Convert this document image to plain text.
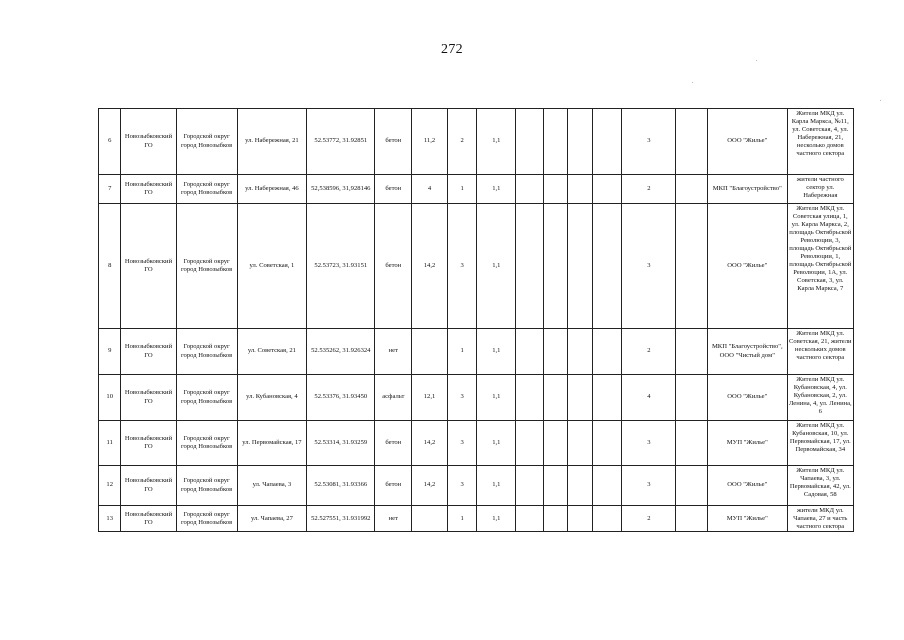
272
6	Новозыбковский ГО	Городской округ город Новозыбков	ул. Набережная, 21	52.53772, 31.92851	бетон	11,2	2	1,1					3		ООО "Жилье"	Жители МКД ул. Карла Маркса, №11, ул. Советская, 4, ул. Набережная, 21, несколько домов частного сектора
7	Новозыбковский ГО	Городской округ город Новозыбков	ул. Набережная, 46	52,538596, 31,928146	бетон	4	1	1,1					2		МКП "Благоустройство"	жители частного сектор ул. Набережная
8	Новозыбковский ГО	Городской округ город Новозыбков	ул. Советская, 1	52.53723, 31.93151	бетон	14,2	3	1,1					3		ООО "Жилье"	Жители МКД ул. Советская улица, 1, ул. Карла Маркса, 2, площадь Октябрьской Революции, 3, площадь Октябрьской Революции, 1, площадь Октябрьской Революции, 1А, ул. Советская, 3, ул. Карла Маркса, 7
9	Новозыбковский ГО	Городской округ город Новозыбков	ул. Советская, 21	52.535262, 31.926324	нет		1	1,1					2		МКП "Благоустройство", ООО "Чистый дом"	Жители МКД ул. Советская, 21, жители нескольких домов частного сектора
10	Новозыбковский ГО	Городской округ город Новозыбков	ул. Кубановская, 4	52.53376, 31.93450	асфальт	12,1	3	1,1					4		ООО "Жилье"	Жители МКД ул. Кубановская, 4, ул. Кубановская, 2, ул. Ленина, 4, ул. Ленина, 6
11	Новозыбковский ГО	Городской округ город Новозыбков	ул. Первомайская, 17	52.53314, 31.93259	бетон	14,2	3	1,1					3		МУП "Жилье"	Жители МКД ул. Кубановская, 10, ул. Первомайская, 17, ул. Первомайская, 34
12	Новозыбковский ГО	Городской округ город Новозыбков	ул. Чапаева, 3	52.53081, 31.93366	бетон	14,2	3	1,1					3		ООО "Жилье"	Жители МКД ул. Чапаева, 3, ул. Первомайская, 42, ул. Садовая, 58
13	Новозыбковский ГО	Городской округ город Новозыбков	ул. Чапаева, 27	52.527551, 31.931992	нет		1	1,1					2		МУП "Жилье"	жители МКД ул. Чапаева, 27 и часть частного сектора
